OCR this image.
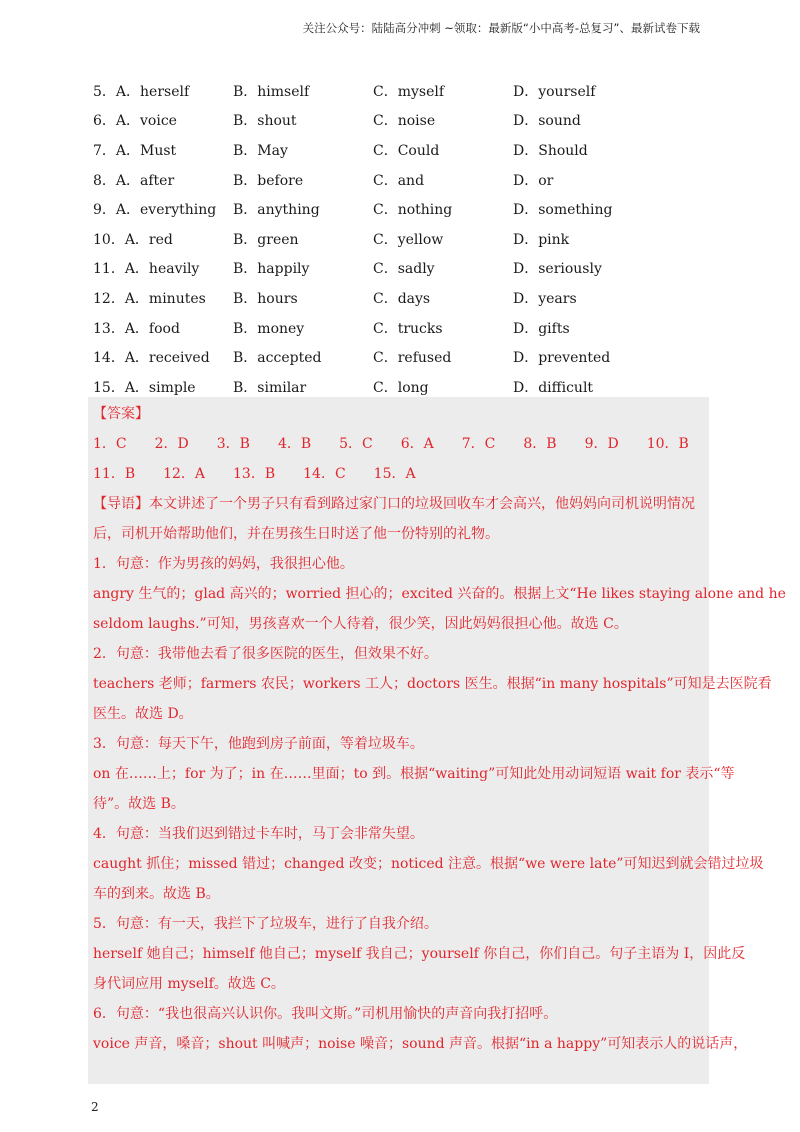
关注公众号：陆陆高分冲刺 ~领取：最新版“小中高考-总复习”、最新试卷下载
5．A．herself	B．himself	C．myself	D．yourself
6．A．voice	B．shout	C．noise	D．sound
7．A．Must	B．May	C．Could	D．Should
8．A．after	B．before	C．and	D．or
9．A．everything	B．anything	C．nothing	D．something
10．A．red	B．green	C．yellow	D．pink
11．A．heavily	B．happily	C．sadly	D．seriously
12．A．minutes	B．hours	C．days	D．years
13．A．food	B．money	C．trucks	D．gifts
14．A．received	B．accepted	C．refused	D．prevented
15．A．simple	B．similar	C．long	D．difficult
【答案】
1．C　　2．D　　3．B　　4．B　　5．C　　6．A　　7．C　　8．B　　9．D　　10．B
11．B　　12．A　　13．B　　14．C　　15．A
【导语】本文讲述了一个男子只有看到路过家门口的垃圾回收车才会高兴，他妈妈向司机说明情况
后，司机开始帮助他们，并在男孩生日时送了他一份特别的礼物。
1．句意：作为男孩的妈妈，我很担心他。
angry 生气的；glad 高兴的；worried 担心的；excited 兴奋的。根据上文“He likes staying alone and he
seldom laughs.”可知，男孩喜欢一个人待着，很少笑，因此妈妈很担心他。故选 C。
2．句意：我带他去看了很多医院的医生，但效果不好。
teachers 老师；farmers 农民；workers 工人；doctors 医生。根据“in many hospitals”可知是去医院看
医生。故选 D。
3．句意：每天下午，他跑到房子前面，等着垃圾车。
on 在……上；for 为了；in 在……里面；to 到。根据“waiting”可知此处用动词短语 wait for 表示“等
待”。故选 B。
4．句意：当我们迟到错过卡车时，马丁会非常失望。
caught 抓住；missed 错过；changed 改变；noticed 注意。根据“we were late”可知迟到就会错过垃圾
车的到来。故选 B。
5．句意：有一天，我拦下了垃圾车，进行了自我介绍。
herself 她自己；himself 他自己；myself 我自己；yourself 你自己，你们自己。句子主语为 I，因此反
身代词应用 myself。故选 C。
6．句意：“我也很高兴认识你。我叫文斯。”司机用愉快的声音向我打招呼。
voice 声音，嗓音；shout 叫喊声；noise 噪音；sound 声音。根据“in a happy”可知表示人的说话声，
2
